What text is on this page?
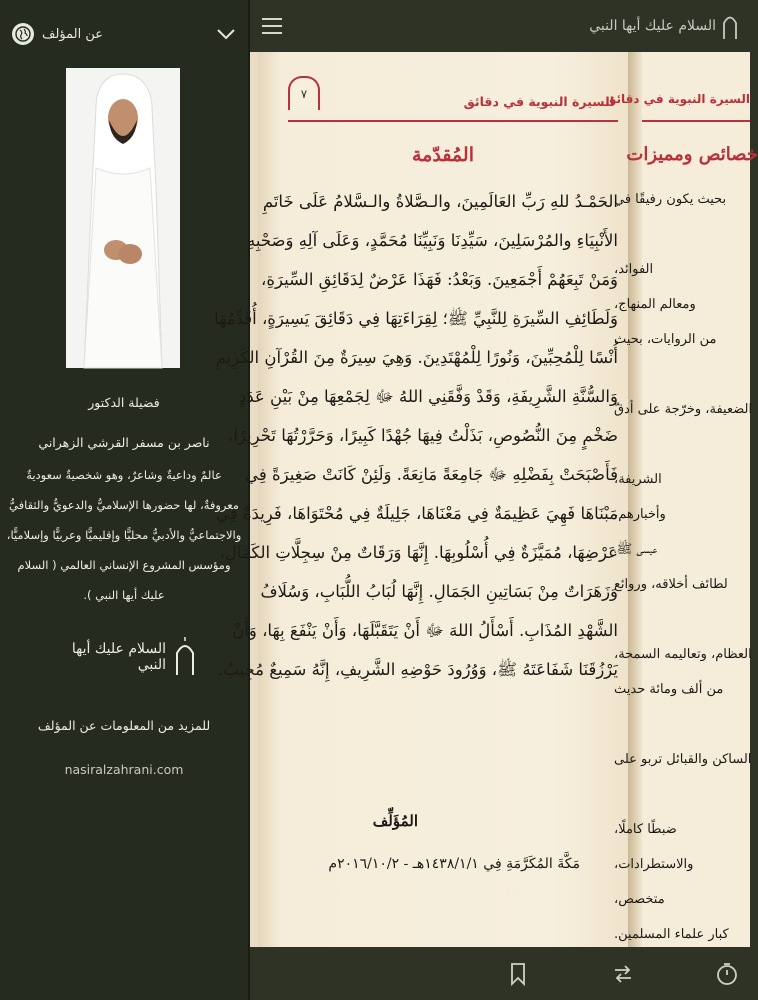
عن المؤلف
فضيلة الدكتور
ناصر بن مسفر القرشي الزهراني
عالمٌ وداعيةٌ وشاعرٌ، وهو شخصيةٌ سعوديةٌ معروفةٌ، لها حضورها الإسلاميُّ والدعويُّ والثقافيُّ والاجتماعيُّ والأدبيُّ محليًّا وإقليميًّا وعربيًّا وإسلاميًّا، ومؤسس المشروع الإنساني العالمي ( السلام عليك أيها النبي ).
السلام عليك أيها النبي
للمزيد من المعلومات عن المؤلف
nasiralzahrani.com
السلام عليك أيها النبي
٧	السيرة النبوية في دقائق
المُقدّمة
الحَمْـدُ للهِ رَبِّ العَالَمِينَ، والـصَّلاةُ والـسَّلامُ عَلَى خَاتَمِ
الأَنْبِيَاءِ والمُرْسَلِينَ، سَيِّدِنَا وَنَبِيِّنَا مُحَمَّدٍ، وَعَلَى آلِهِ وَصَحْبِهِ
وَمَنْ تَبِعَهُمْ أَجْمَعِينَ. وَبَعْدُ: فَهَذَا عَرْضٌ لِدَقَائِقِ السِّيرَةِ،
وَلَطَائِفِ السِّيرَةِ لِلنَّبِيِّ ﷺ؛ لِقِرَاءَتِهَا فِي دَقَائِقَ يَسِيرَةٍ، أُقَدِّمُهَا
أُنْسًا لِلْمُحِبِّينَ، وَنُورًا لِلْمُهْتَدِينَ. وَهِيَ سِيرَةٌ مِنَ القُرْآنِ الكَرِيمِ
وَالسُّنَّةِ الشَّرِيفَةِ، وَقَدْ وَفَّقَنِي اللهُ ﷻ لِجَمْعِهَا مِنْ بَيْنِ عَدَدٍ
ضَخْمٍ مِنَ النُّصُوصِ، بَذَلْتُ فِيهَا جُهْدًا كَبِيرًا، وَحَرَّرْتُهَا تَحْرِيرًا،
فَأَصْبَحَتْ بِفَضْلِهِ ﷻ جَامِعَةً مَانِعَةً. وَلَئِنْ كَانَتْ صَغِيرَةً فِي
مَبْنَاهَا فَهِيَ عَظِيمَةٌ فِي مَعْنَاهَا، جَلِيلَةٌ فِي مُحْتَوَاهَا، فَرِيدَةٌ فِي
عَرْضِهَا، مُمَيَّزَةٌ فِي أُسْلُوبِهَا. إِنَّهَا وَرَقَاتٌ مِنْ سِجِلَّاتِ الكَمَالِ،
وَزَهَرَاتٌ مِنْ بَسَاتِينِ الجَمَالِ. إِنَّهَا لُبَابُ اللُّبَابِ، وَسُلَافُ
الشَّهْدِ المُذَابِ. أَسْأَلُ اللهَ ﷻ أَنْ يَتَقَبَّلَهَا، وَأَنْ يَنْفَعَ بِهَا، وَأَنْ
يَرْزُقَنَا شَفَاعَتَهُ ﷺ، وَوُرُودَ حَوْضِهِ الشَّرِيفِ، إِنَّهُ سَمِيعٌ مُجِيبٌ.
المُؤَلِّف
مَكَّةَ المُكَرَّمَةِ فِي ١٤٣٨/١/١هـ - ٢٠١٦/١٠/٢م
السيرة النبوية في دقائق
خصائص ومميزات
بحيث يكون رفيقًا في
الفوائد،
ومعالم المنهاج،
من الروايات، بحيث
الضعيفة، وخرّجة على أدقّ
الشريفة،
وأخبارهم،
عيسى ﷺ،
لطائف أخلاقه، وروائع
العظام، وتعاليمه السمحة،
من ألف ومائة حديث
الساكن والقبائل تربو على
ضبطًا كاملًا،
والاستطرادات،
متخصص،
كبار علماء المسلمين.
